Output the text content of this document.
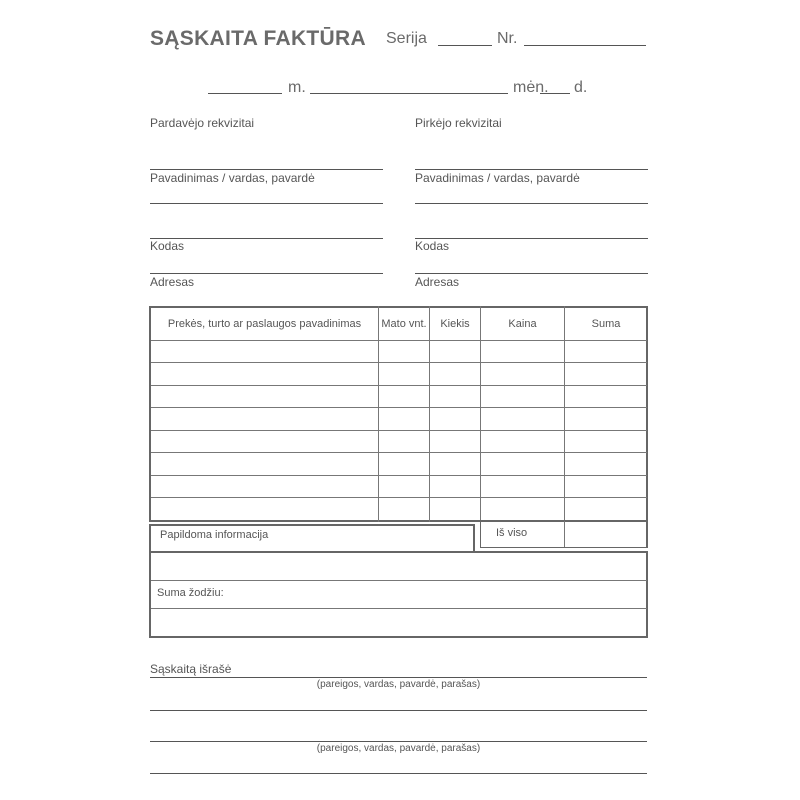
SĄSKAITA FAKTŪRA Serija	Nr.
m.	mėn. d.
Pardavėjo rekvizitai
Pavadinimas / vardas, pavardė
Kodas
Adresas
Pirkėjo rekvizitai
Pavadinimas / vardas, pavardė
Kodas
Adresas
Prekės, turto ar paslaugos pavadinimas	Mato vnt.	Kiekis	Kaina	Suma
Iš viso
Papildoma informacija
Suma žodžiu:
Sąskaitą išrašė
(pareigos, vardas, pavardė, parašas)
(pareigos, vardas, pavardė, parašas)
